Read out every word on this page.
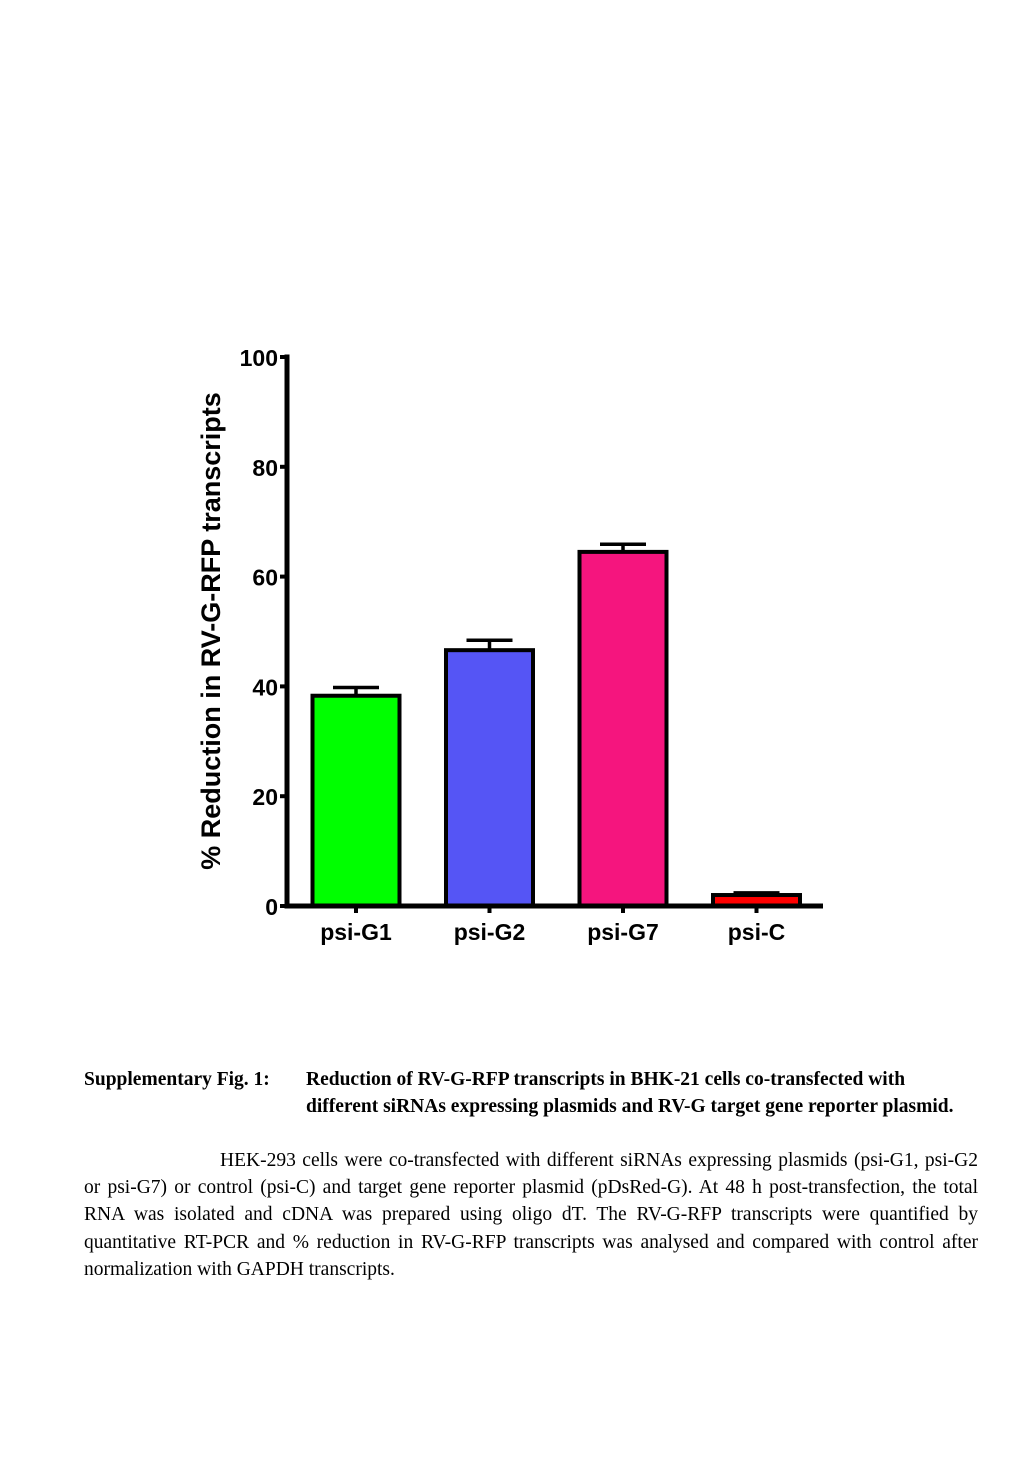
0
20
40
60
80
100
psi-G1	psi-G2	psi-G7	psi-C
% Reduction in RV-G-RFP transcripts
Supplementary Fig. 1: Reduction of RV-G-RFP transcripts in BHK-21 cells co-transfected with different siRNAs expressing plasmids and RV-G target gene reporter plasmid.

HEK-293 cells were co-transfected with different siRNAs expressing plasmids (psi-G1, psi-G2 or psi-G7) or control (psi-C) and target gene reporter plasmid (pDsRed-G). At 48 h post-transfection, the total RNA was isolated and cDNA was prepared using oligo dT. The RV-G-RFP transcripts were quantified by quantitative RT-PCR and % reduction in RV-G-RFP transcripts was analysed and compared with control after normalization with GAPDH transcripts.
